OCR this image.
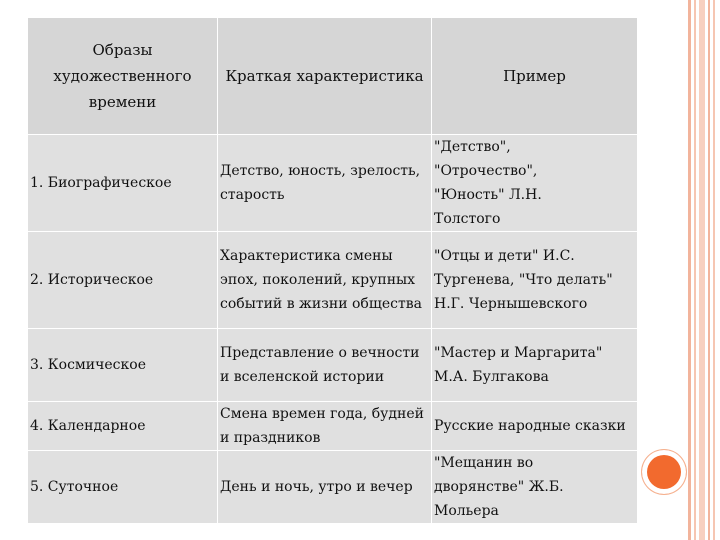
Образы художественного времени	Краткая характеристика	Пример
1. Биографическое	Детство, юность, зрелость, старость	"Детство",
"Отрочество",
"Юность" Л.Н.
Толстого
2. Историческое	Характеристика смены эпох, поколений, крупных событий в жизни общества	"Отцы и дети" И.С.
Тургенева, "Что делать"
Н.Г. Чернышевского
3. Космическое	Представление о вечности и вселенской истории	"Мастер и Маргарита"
М.А. Булгакова
4. Календарное	Смена времен года, будней и праздников	Русские народные сказки
5. Суточное	День и ночь, утро и вечер	"Мещанин во
дворянстве" Ж.Б.
Мольера
